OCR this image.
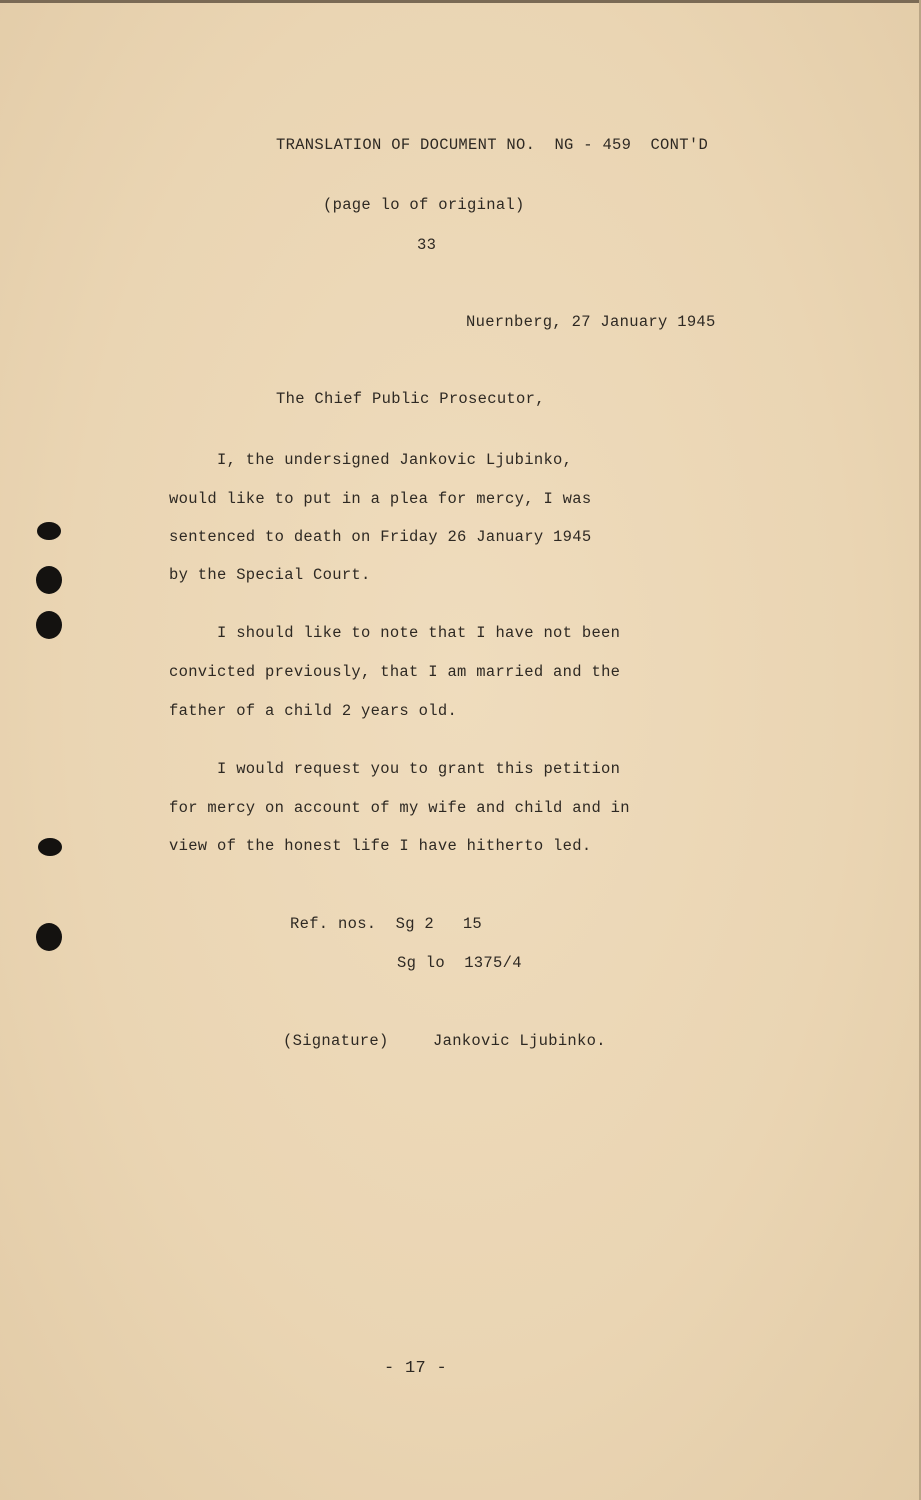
TRANSLATION OF DOCUMENT NO.  NG - 459  CONT'D
(page lo of original)
33
Nuernberg, 27 January 1945
The Chief Public Prosecutor,
I, the undersigned Jankovic Ljubinko,
would like to put in a plea for mercy, I was
sentenced to death on Friday 26 January 1945
by the Special Court.
I should like to note that I have not been
convicted previously, that I am married and the
father of a child 2 years old.
I would request you to grant this petition
for mercy on account of my wife and child and in
view of the honest life I have hitherto led.
Ref. nos.  Sg 2   15
Sg lo  1375/4
(Signature)	Jankovic Ljubinko.
- 17 -
